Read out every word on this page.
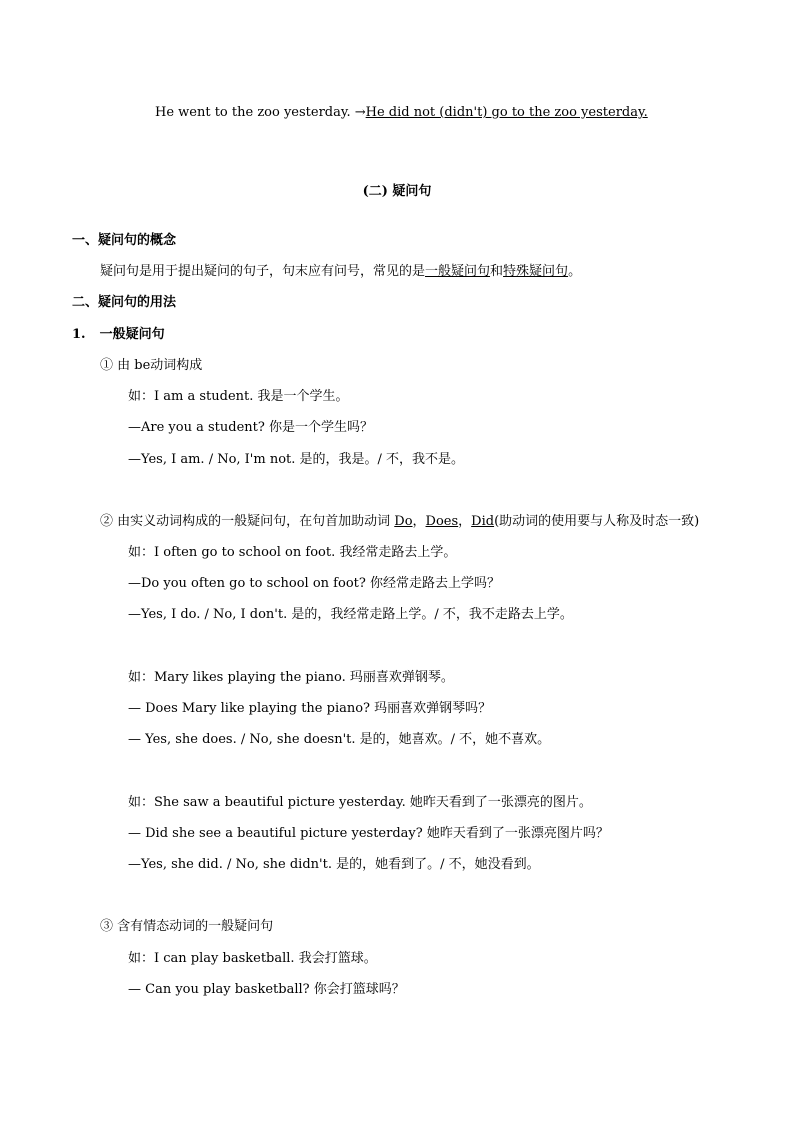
He went to the zoo yesterday. →He did not (didn't) go to the zoo yesterday.
(二) 疑问句
一、疑问句的概念
疑问句是用于提出疑问的句子，句末应有问号，常见的是一般疑问句和特殊疑问句。
二、疑问句的用法
1. 一般疑问句
① 由 be动词构成
如：I am a student. 我是一个学生。
—Are you a student? 你是一个学生吗？
—Yes, I am. / No, I'm not. 是的，我是。/ 不，我不是。
② 由实义动词构成的一般疑问句，在句首加助动词 Do，Does，Did(助动词的使用要与人称及时态一致)
如：I often go to school on foot. 我经常走路去上学。
—Do you often go to school on foot? 你经常走路去上学吗？
—Yes, I do. / No, I don't. 是的，我经常走路上学。/ 不，我不走路去上学。
如：Mary likes playing the piano. 玛丽喜欢弹钢琴。
— Does Mary like playing the piano? 玛丽喜欢弹钢琴吗？
— Yes, she does. / No, she doesn't. 是的，她喜欢。/ 不，她不喜欢。
如：She saw a beautiful picture yesterday. 她昨天看到了一张漂亮的图片。
— Did she see a beautiful picture yesterday? 她昨天看到了一张漂亮图片吗？
—Yes, she did. / No, she didn't. 是的，她看到了。/ 不，她没看到。
③ 含有情态动词的一般疑问句
如：I can play basketball. 我会打篮球。
— Can you play basketball? 你会打篮球吗？
